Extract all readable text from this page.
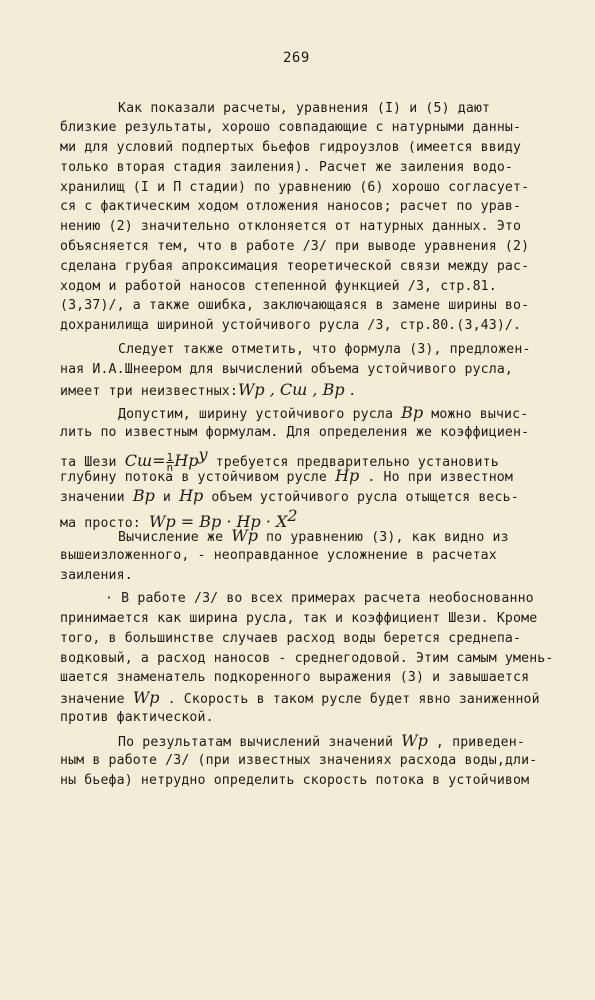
269
Как показали расчеты, уравнения (I) и (5) дают
близкие результаты, хорошо совпадающие с натурными данны-
ми для условий подпертых бьефов гидроузлов (имеется ввиду
только вторая стадия заиления). Расчет же заиления водо-
хранилищ (I и П стадии) по уравнению (6) хорошо согласует-
ся с фактическим ходом отложения наносов; расчет по урав-
нению (2) значительно отклоняется от натурных данных. Это
объясняется тем, что в работе /3/ при выводе уравнения (2)
сделана грубая апроксимация теоретической связи между рас-
ходом и работой наносов степенной функцией /3, стр.81.
(3,37)/, а также ошибка, заключающаяся в замене ширины во-
дохранилища шириной устойчивого русла /3, стр.80.(3,43)/.
Следует также отметить, что формула (3), предложен-
ная И.А.Шнеером для вычислений объема устойчивого русла,
имеет три неизвестных:Wp , Cш , Bp .
Допустим, ширину устойчивого русла Bp можно вычис-
лить по известным формулам. Для определения же коэффициен-
та Шези $Cш= \frac{1}{n} Hp^y$ требуется предварительно установить
глубину потока в устойчивом русле Hp . Но при известном
значении Bp и Hp объем устойчивого русла отыщется весь-
ма просто: $Wp = Bp \cdot Hp \cdot X^2$
Вычисление же Wp по уравнению (3), как видно из
вышеизложенного, - неоправданное усложнение в расчетах
заиления.
· В работе /3/ во всех примерах расчета необоснованно
принимается как ширина русла, так и коэффициент Шези. Кроме
того, в большинстве случаев расход воды берется среднепа-
водковый, а расход наносов - среднегодовой. Этим самым умень-
шается знаменатель подкоренного выражения (3) и завышается
значение Wp . Скорость в таком русле будет явно заниженной
против фактической.
По результатам вычислений значений Wp , приведен-
ным в работе /3/ (при известных значениях расхода воды,дли-
ны бьефа) нетрудно определить скорость потока в устойчивом
